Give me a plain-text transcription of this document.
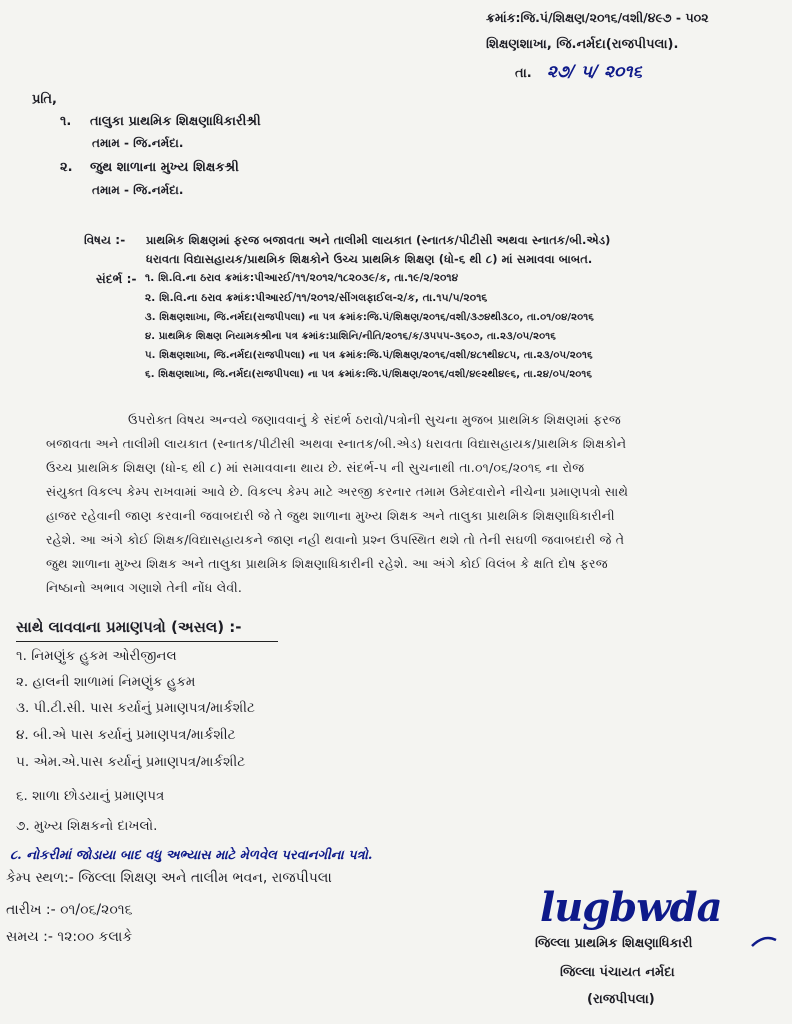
ક્રમાંક:જિ.પં/શિક્ષણ/૨૦૧૬/વશી/૪૯૭ - ૫૦૨
શિક્ષણશાખા, જિ.નર્મદા(રાજપીપલા).
તા. ૨૭/ ૫/ ૨૦૧૬
પ્રતિ,
૧. તાલુકા પ્રાથમિક શિક્ષણાધિકારીશ્રી
તમામ - જિ.નર્મદા.
૨. જુથ શાળાના મુખ્ય શિક્ષકશ્રી
તમામ - જિ.નર્મદા.
વિષય :- પ્રાથમિક શિક્ષણમાં ફરજ બજાવતા અને તાલીમી લાયકાત (સ્નાતક/પીટીસી અથવા સ્નાતક/બી.એડ)
ધરાવતા વિદ્યાસહાયક/પ્રાથમિક શિક્ષકોને ઉચ્ચ પ્રાથમિક શિક્ષણ (ધો-૬ થી ૮) માં સમાવવા બાબત.
સંદર્ભ :- ૧. શિ.વિ.ના ઠરાવ ક્રમાંક:પીઆરઈ/૧૧/૨૦૧૨/૧૮૨૦૩૯/ક, તા.૧૯/૨/૨૦૧૪
૨. શિ.વિ.ના ઠરાવ ક્રમાંક:પીઆરઈ/૧૧/૨૦૧૨/સીંગલફાઈલ-૨/ક, તા.૧૫/૫/૨૦૧૬
૩. શિક્ષણશાખા, જિ.નર્મદા(રાજપીપલા) ના પત્ર ક્રમાંક:જિ.પં/શિક્ષણ/૨૦૧૬/વશી/૩૭૪થી૩૮૦, તા.૦૧/૦૪/૨૦૧૬
૪. પ્રાથમિક શિક્ષણ નિયામકશ્રીના પત્ર ક્રમાંક:પ્રાશિનિ/નીતિ/૨૦૧૬/ક/૩૫૫૫-૩૬૦૭, તા.૨૩/૦૫/૨૦૧૬
૫. શિક્ષણશાખા, જિ.નર્મદા(રાજપીપલા) ના પત્ર ક્રમાંક:જિ.પં/શિક્ષણ/૨૦૧૬/વશી/૪૮૧થી૪૮૫, તા.૨૩/૦૫/૨૦૧૬
૬. શિક્ષણશાખા, જિ.નર્મદા(રાજપીપલા) ના પત્ર ક્રમાંક:જિ.પં/શિક્ષણ/૨૦૧૬/વશી/૪૯૨થી૪૯૬, તા.૨૪/૦૫/૨૦૧૬
ઉપરોક્ત વિષય અન્વયે જણાવવાનું કે સંદર્ભ ઠરાવો/પત્રોની સુચના મુજબ પ્રાથમિક શિક્ષણમાં ફરજ
બજાવતા અને તાલીમી લાયકાત (સ્નાતક/પીટીસી અથવા સ્નાતક/બી.એડ) ધરાવતા વિદ્યાસહાયક/પ્રાથમિક શિક્ષકોને
ઉચ્ચ પ્રાથમિક શિક્ષણ (ધો-૬ થી ૮) માં સમાવવાના થાય છે. સંદર્ભ-૫ ની સુચનાથી તા.૦૧/૦૬/૨૦૧૬ ના રોજ
સંયુક્ત વિકલ્પ કેમ્પ રાખવામાં આવે છે. વિકલ્પ કેમ્પ માટે અરજી કરનાર તમામ ઉમેદવારોને નીચેના પ્રમાણપત્રો સાથે
હાજર રહેવાની જાણ કરવાની જવાબદારી જે તે જુથ શાળાના મુખ્ય શિક્ષક અને તાલુકા પ્રાથમિક શિક્ષણાધિકારીની
રહેશે. આ અંગે કોઈ શિક્ષક/વિદ્યાસહાયકને જાણ નહી થવાનો પ્રશ્ન ઉપસ્થિત થશે તો તેની સઘળી જવાબદારી જે તે
જુથ શાળાના મુખ્ય શિક્ષક અને તાલુકા પ્રાથમિક શિક્ષણાધિકારીની રહેશે. આ અંગે કોઈ વિલંબ કે ક્ષતિ દોષ ફરજ
નિષ્ઠાનો અભાવ ગણાશે તેની નોંધ લેવી.
સાથે લાવવાના પ્રમાણપત્રો (અસલ) :-
૧. નિમણુંક હુકમ ઓરીજીનલ
૨. હાલની શાળામાં નિમણુંક હુકમ
૩. પી.ટી.સી. પાસ કર્યાનું પ્રમાણપત્ર/માર્કશીટ
૪. બી.એ પાસ કર્યાનું પ્રમાણપત્ર/માર્કશીટ
૫. એમ.એ.પાસ કર્યાનું પ્રમાણપત્ર/માર્કશીટ
૬. શાળા છોડયાનું પ્રમાણપત્ર
૭. મુખ્ય શિક્ષકનો દાખલો.
૮. નોકરીમાં જોડાયા બાદ વધુ અભ્યાસ માટે મેળવેલ પરવાનગીના પત્રો.
કેમ્પ સ્થળ:- જિલ્લા શિક્ષણ અને તાલીમ ભવન, રાજપીપલા
તારીખ :- ૦૧/૦૬/૨૦૧૬
સમય :- ૧૨:૦૦ કલાકે
lugbwda
જિલ્લા પ્રાથમિક શિક્ષણાધિકારી
જિલ્લા પંચાયત નર્મદા
(રાજપીપલા)
